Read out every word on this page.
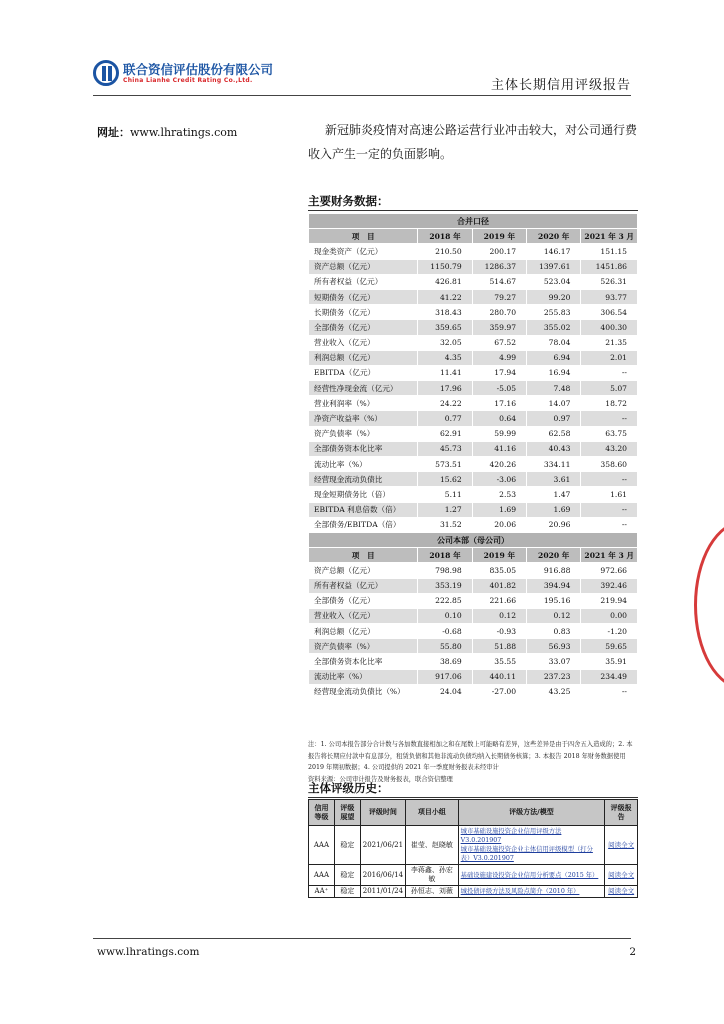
联合资信评估股份有限公司
China Lianhe Credit Rating Co.,Ltd.	主体长期信用评级报告
网址：www.lhratings.com	新冠肺炎疫情对高速公路运营行业冲击较大，对公司通行费收入产生一定的负面影响。
主要财务数据：
合并口径				
项　目	2018 年	2019 年	2020 年	2021 年 3 月
现金类资产（亿元）	210.50	200.17	146.17	151.15
资产总额（亿元）	1150.79	1286.37	1397.61	1451.86
所有者权益（亿元）	426.81	514.67	523.04	526.31
短期债务（亿元）	41.22	79.27	99.20	93.77
长期债务（亿元）	318.43	280.70	255.83	306.54
全部债务（亿元）	359.65	359.97	355.02	400.30
营业收入（亿元）	32.05	67.52	78.04	21.35
利润总额（亿元）	4.35	4.99	6.94	2.01
EBITDA（亿元）	11.41	17.94	16.94	--
经营性净现金流（亿元）	17.96	-5.05	7.48	5.07
营业利润率（%）	24.22	17.16	14.07	18.72
净资产收益率（%）	0.77	0.64	0.97	--
资产负债率（%）	62.91	59.99	62.58	63.75
全部债务资本化比率	45.73	41.16	40.43	43.20
流动比率（%）	573.51	420.26	334.11	358.60
经营现金流动负债比	15.62	-3.06	3.61	--
现金短期债务比（倍）	5.11	2.53	1.47	1.61
EBITDA 利息倍数（倍）	1.27	1.69	1.69	--
全部债务/EBITDA（倍）	31.52	20.06	20.96	--
公司本部（母公司）				
项　目	2018 年	2019 年	2020 年	2021 年 3 月
资产总额（亿元）	798.98	835.05	916.88	972.66
所有者权益（亿元）	353.19	401.82	394.94	392.46
全部债务（亿元）	222.85	221.66	195.16	219.94
营业收入（亿元）	0.10	0.12	0.12	0.00
利润总额（亿元）	-0.68	-0.93	0.83	-1.20
资产负债率（%）	55.80	51.88	56.93	59.65
全部债务资本化比率	38.69	35.55	33.07	35.91
流动比率（%）	917.06	440.11	237.23	234.49
经营现金流动负债比（%）	24.04	-27.00	43.25	--
注：1. 公司本报告部分合计数与各加数直接相加之和在尾数上可能略有差异，这些差异是由于四舍五入造成的；2. 本报告将长期应付款中有息部分，租赁负债和其他非流动负债均纳入长期债务核算；3. 本报告 2018 年财务数据使用 2019 年期初数据；4. 公司提供的 2021 年一季度财务报表未经审计
资料来源：公司审计报告及财务报表，联合资信整理
主体评级历史：
信用等级	评级展望	评级时间	项目小组	评级方法/模型	评级报告
AAA	稳定	2021/06/21	崔莹、赵晓敏	城市基础设施投资企业信用评级方法 V3.0.201907
城市基础设施投资企业主体信用评级模型（打分表）V3.0.201907	阅读全文
AAA	稳定	2016/06/14	李蒋鑫、孙宏敏	基础设施建设投资企业信用分析要点（2015 年）	阅读全文
AA⁺	稳定	2011/01/24	孙恒志、刘薇	城投债评级方法及风险点简介（2010 年）	阅读全文
www.lhratings.com	2
